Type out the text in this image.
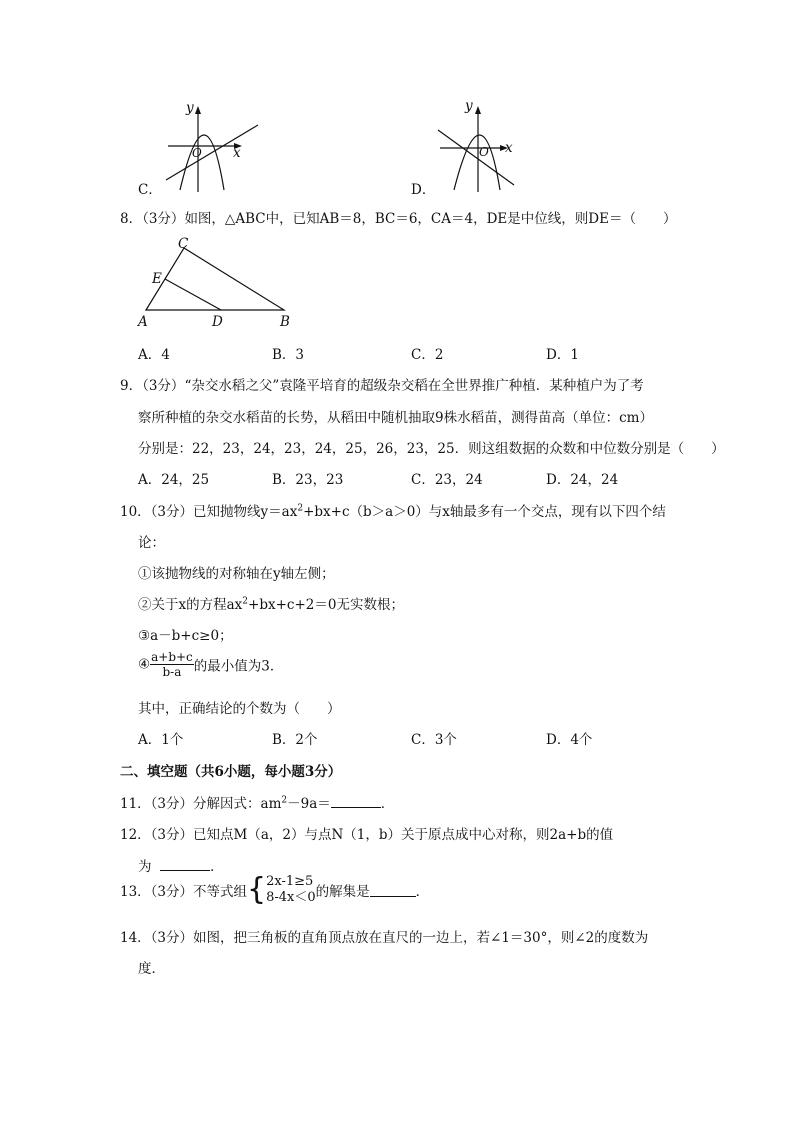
y
x
O
C．
y
x
O
D．
8．（3分）如图，△ABC中，已知AB＝8，BC＝6，CA＝4，DE是中位线，则DE＝（　　）
C
E
A	D	B
A．4	B．3	C．2	D．1
9．（3分）“杂交水稻之父”袁隆平培育的超级杂交稻在全世界推广种植．某种植户为了考
察所种植的杂交水稻苗的长势，从稻田中随机抽取9株水稻苗，测得苗高（单位：cm）
分别是：22，23，24，23，24，25，26，23，25．则这组数据的众数和中位数分别是（　　）
A．24，25	B．23，23	C．23，24	D．24，24
10．（3分）已知抛物线$y=ax^2+bx+c(b>a>0)$与x轴最多有一个交点，现有以下四个结
论：
①该抛物线的对称轴在y轴左侧；
②关于x的方程$ax^2+bx+c+2=0$无实数根；
③a－b+c≥0；
④ $\frac{a+b+c}{b-a}$ 的最小值为3．
其中，正确结论的个数为（　　）
A．1个	B．2个	C．3个	D．4个
二、填空题（共6小题，每小题3分）
11．（3分）分解因式：$am^2-9a=$	．
12．（3分）已知点M（a，2）与点N（1，b）关于原点成中心对称，则2a+b的值
为	．
13．（3分）不等式组{ 2x-1≥5
8-4x＜0 的解集是	．
14．（3分）如图，把三角板的直角顶点放在直尺的一边上，若∠1＝30°，则∠2的度数为
度．
